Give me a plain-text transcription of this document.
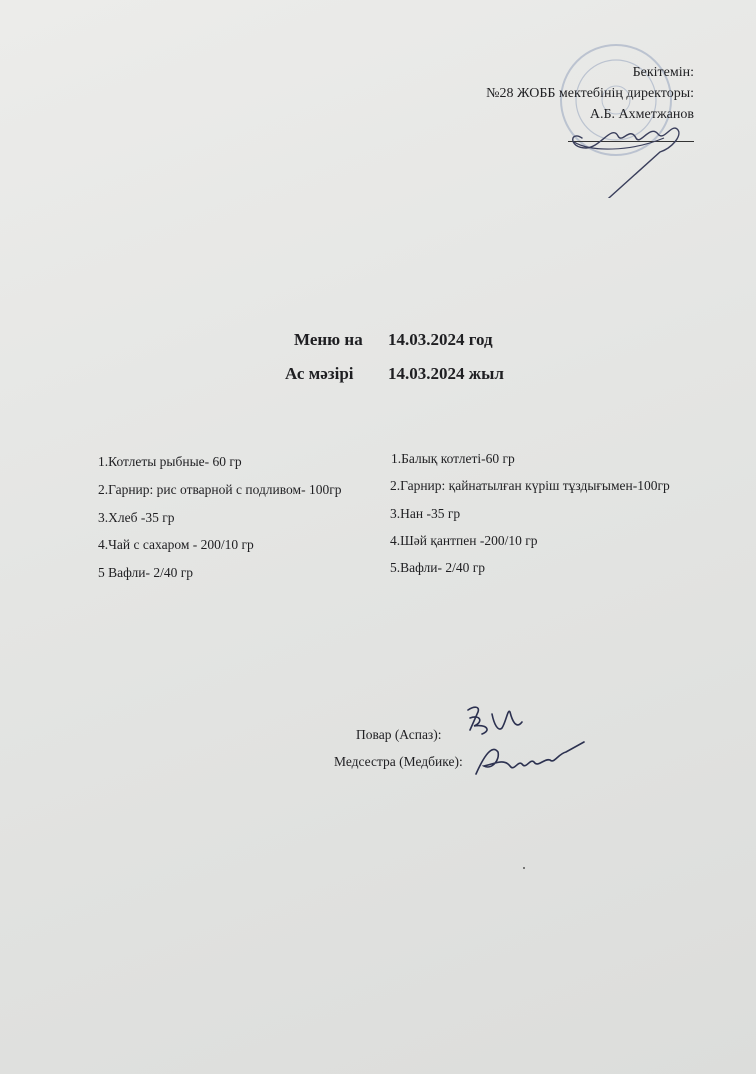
Бекітемін:
№28 ЖОББ мектебінің директоры:
А.Б. Ахметжанов
Меню на 14.03.2024 год
Ас мәзірі 14.03.2024 жыл
1.Котлеты рыбные- 60 гр
2.Гарнир: рис отварной с подливом- 100гр
3.Хлеб -35 гр
4.Чай с сахаром - 200/10 гр
5 Вафли- 2/40 гр
1.Балық котлеті-60 гр
2.Гарнир: қайнатылған күріш тұздығымен-100гр
3.Нан -35 гр
4.Шәй қантпен -200/10 гр
5.Вафли- 2/40 гр
Повар (Аспаз):
Медсестра (Медбике):
